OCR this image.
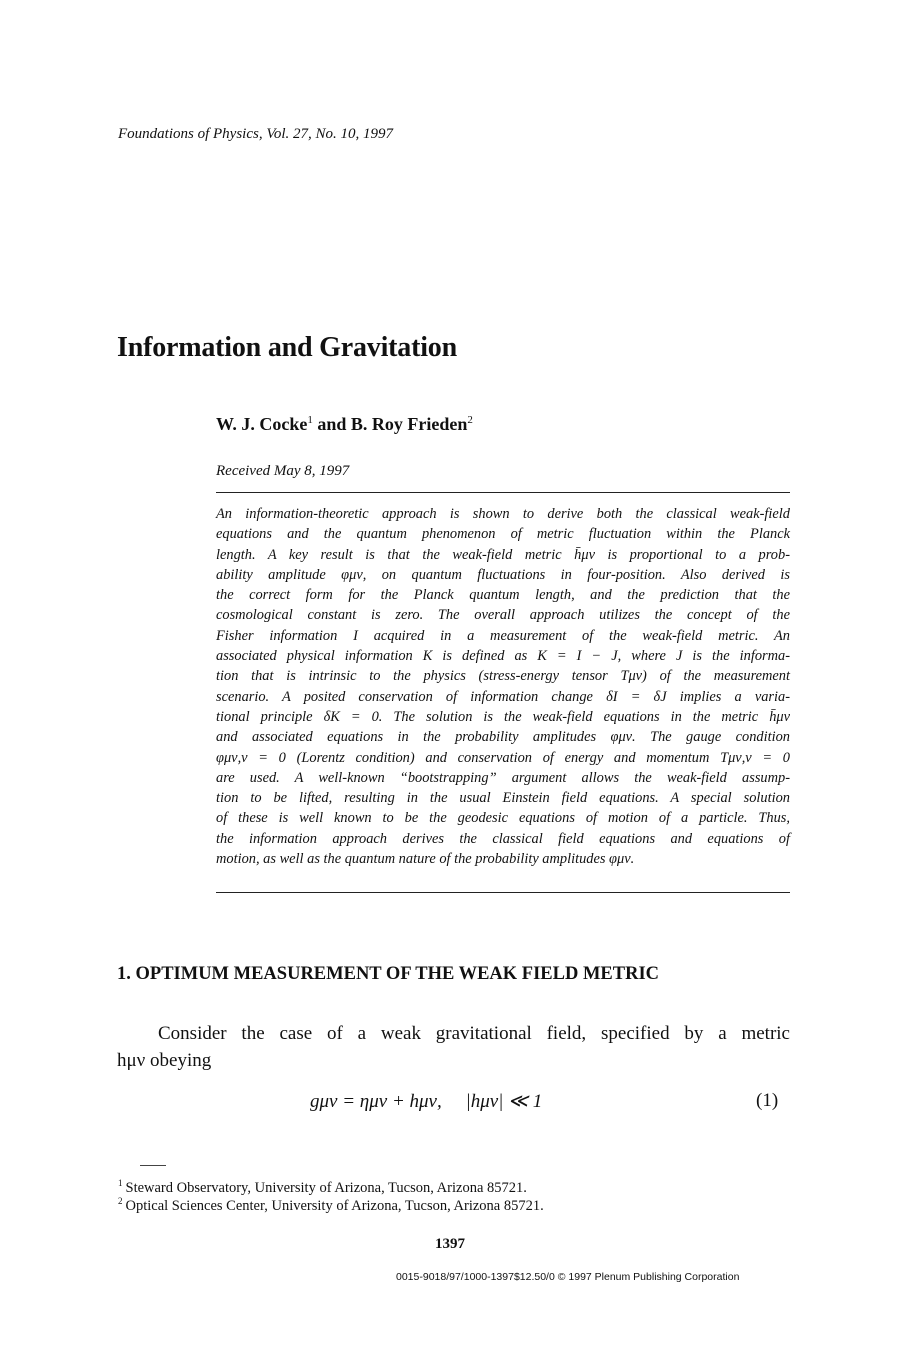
Foundations of Physics, Vol. 27, No. 10, 1997
Information and Gravitation
W. J. Cocke$^1$ and B. Roy Frieden$^2$
Received May 8, 1997
An information-theoretic approach is shown to derive both the classical weak-field
equations and the quantum phenomenon of metric fluctuation within the Planck
length. A key result is that the weak-field metric h̄μν is proportional to a prob-
ability amplitude φμν, on quantum fluctuations in four-position. Also derived is
the correct form for the Planck quantum length, and the prediction that the
cosmological constant is zero. The overall approach utilizes the concept of the
Fisher information I acquired in a measurement of the weak-field metric. An
associated physical information K is defined as K = I − J, where J is the informa-
tion that is intrinsic to the physics (stress-energy tensor Tμν) of the measurement
scenario. A posited conservation of information change δI = δJ implies a varia-
tional principle δK = 0. The solution is the weak-field equations in the metric h̄μν
and associated equations in the probability amplitudes φμν. The gauge condition
φμν,ν = 0 (Lorentz condition) and conservation of energy and momentum Tμν,ν = 0
are used. A well-known “bootstrapping” argument allows the weak-field assump-
tion to be lifted, resulting in the usual Einstein field equations. A special solution
of these is well known to be the geodesic equations of motion of a particle. Thus,
the information approach derives the classical field equations and equations of
motion, as well as the quantum nature of the probability amplitudes φμν.
1. OPTIMUM MEASUREMENT OF THE WEAK FIELD METRIC
Consider the case of a weak gravitational field, specified by a metric
hμν obeying
gμν = ημν + hμν,     |hμν| ≪ 1	(1)
$^1$ Steward Observatory, University of Arizona, Tucson, Arizona 85721.
$^2$ Optical Sciences Center, University of Arizona, Tucson, Arizona 85721.
1397
0015-9018/97/1000-1397$12.50/0 © 1997 Plenum Publishing Corporation
